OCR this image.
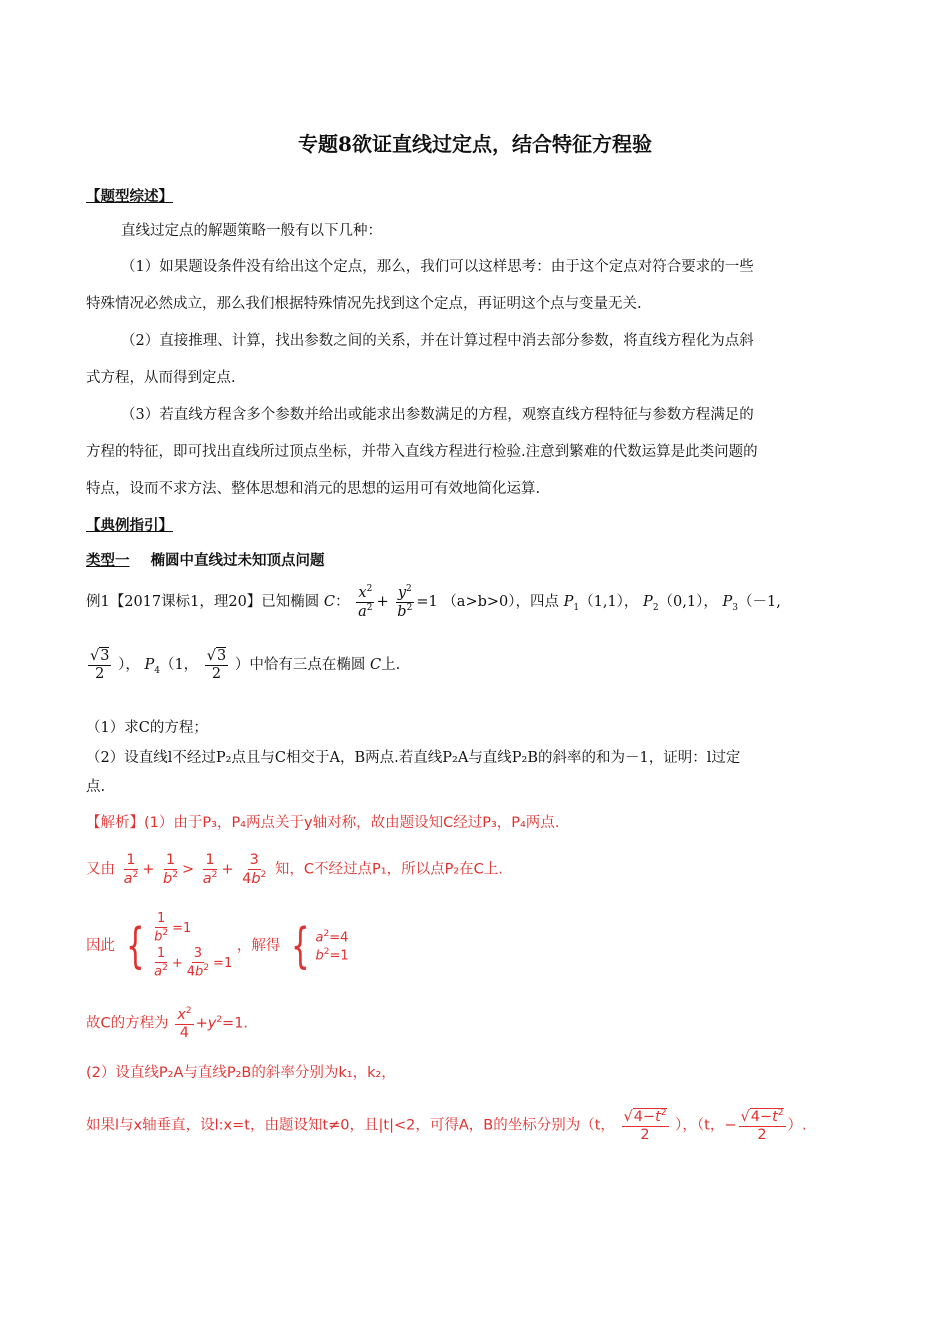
专题8欲证直线过定点，结合特征方程验
【题型综述】
直线过定点的解题策略一般有以下几种：
（1）如果题设条件没有给出这个定点，那么，我们可以这样思考：由于这个定点对符合要求的一些
特殊情况必然成立，那么我们根据特殊情况先找到这个定点，再证明这个点与变量无关.
（2）直接推理、计算，找出参数之间的关系，并在计算过程中消去部分参数，将直线方程化为点斜
式方程，从而得到定点.
（3）若直线方程含多个参数并给出或能求出参数满足的方程，观察直线方程特征与参数方程满足的
方程的特征，即可找出直线所过顶点坐标，并带入直线方程进行检验.注意到繁难的代数运算是此类问题的
特点，设而不求方法、整体思想和消元的思想的运用可有效地简化运算.
【典例指引】
类型一 椭圆中直线过未知顶点问题
例1【2017课标1，理20】已知椭圆 C： $\frac{x^2}{a^2} + \frac{y^2}{b^2} =1$ （a>b>0），四点 $P_1(1,1)$， $P_2(0,1)$， $P_3(-1$,
$\frac{√3}{2}$ ）， $P_4(1$， $\frac{√3}{2}$ ）中恰有三点在椭圆 C上.
（1）求C的方程；
（2）设直线l不经过P₂点且与C相交于A，B两点.若直线P₂A与直线P₂B的斜率的和为－1，证明：l过定
点.
【解析】(1）由于P₃，P₄两点关于y轴对称，故由题设知C经过P₃，P₄两点.
又由 $\frac{1}{a^2} + \frac{1}{b^2} > \frac{1}{a^2} + \frac{3}{4b^2}$ 知，C不经过点P₁，所以点P₂在C上.
因此 { $\frac{1}{b^2} =1$
$\frac{1}{a^2} + \frac{3}{4b^2} =1$
，解得 { $a^2=4$
$b^2=1$
故C的方程为 $\frac{x^2}{4} +y^2=1$.
(2）设直线P₂A与直线P₂B的斜率分别为k₁，k₂，
如果l与x轴垂直，设l:x=t，由题设知t≠0，且|t|<2，可得A，B的坐标分别为（t， $\frac{√4-t^2}{2}$ ），（t，− $\frac{√4-t^2}{2}$ ）.
